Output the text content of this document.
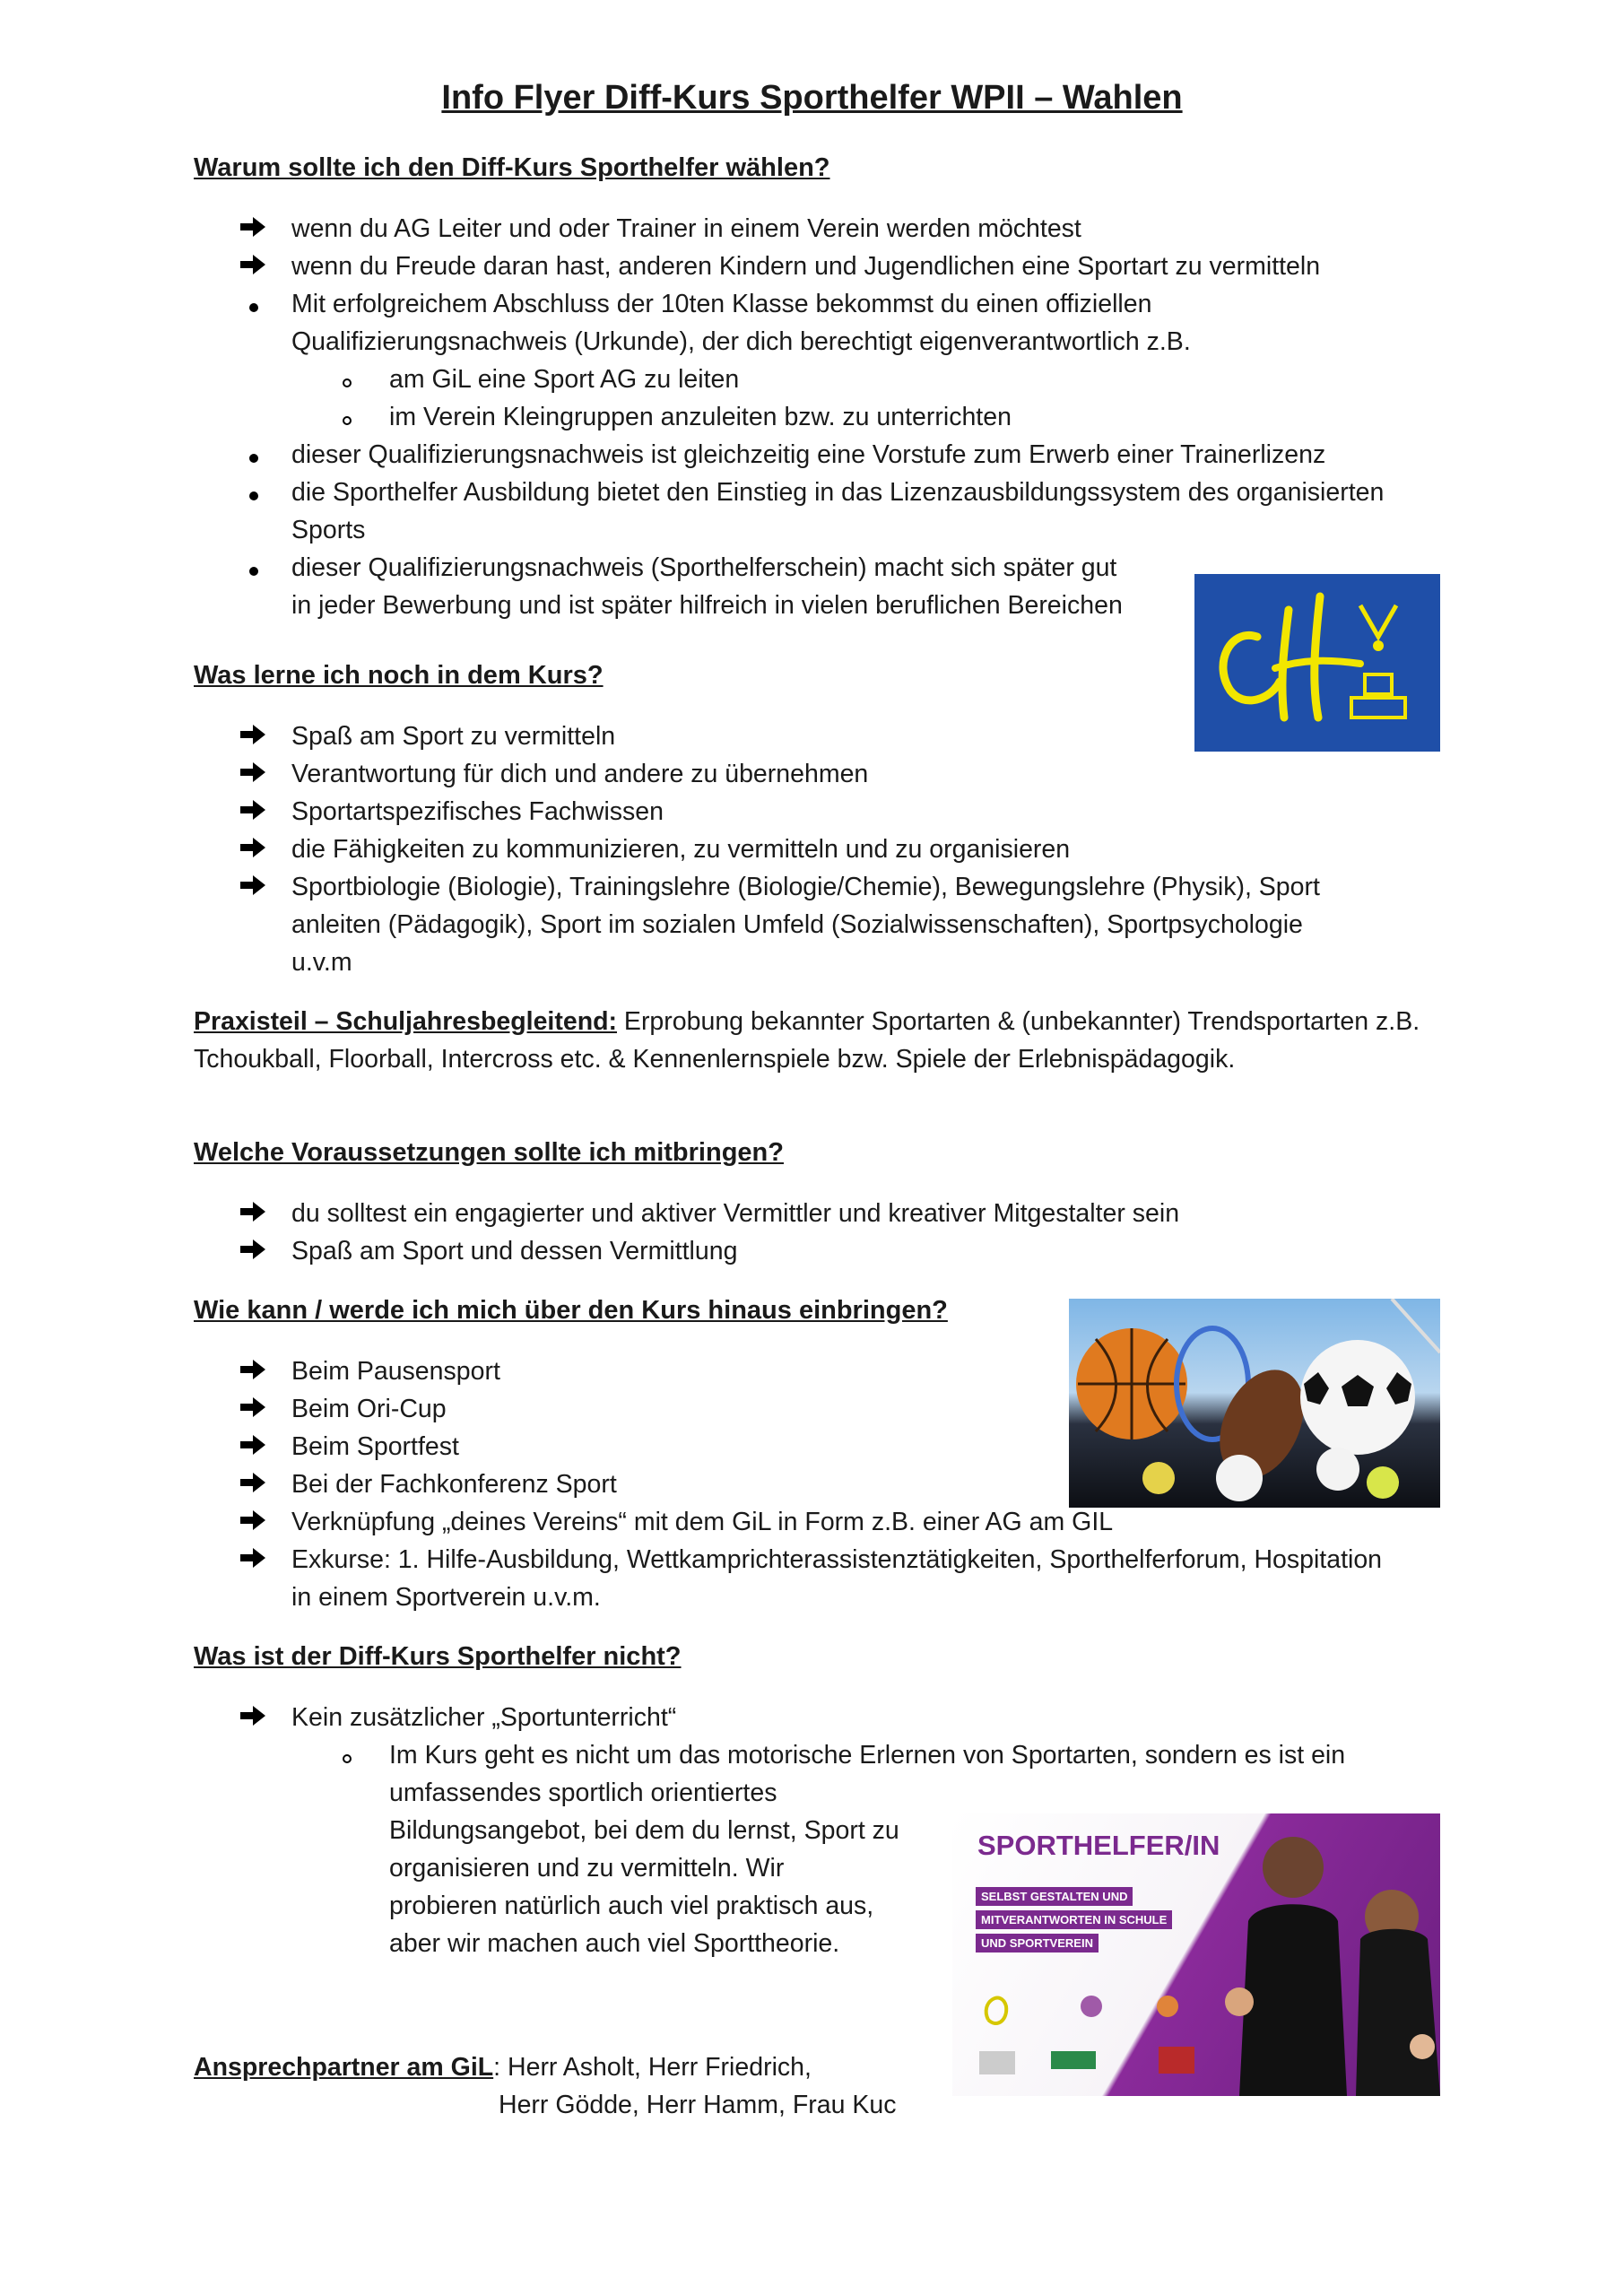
Info Flyer Diff-Kurs Sporthelfer WPII – Wahlen
Warum sollte ich den Diff-Kurs Sporthelfer wählen?
wenn du AG Leiter und oder Trainer in einem Verein werden möchtest
wenn du Freude daran hast, anderen Kindern und Jugendlichen eine Sportart zu vermitteln
Mit erfolgreichem Abschluss der 10ten Klasse bekommst du einen offiziellen
Qualifizierungsnachweis (Urkunde), der dich berechtigt eigenverantwortlich z.B.
am GiL eine Sport AG zu leiten
im Verein Kleingruppen anzuleiten bzw. zu unterrichten
dieser Qualifizierungsnachweis ist gleichzeitig eine Vorstufe zum Erwerb einer Trainerlizenz
die Sporthelfer Ausbildung bietet den Einstieg in das Lizenzausbildungssystem des organisierten
Sports
dieser Qualifizierungsnachweis (Sporthelferschein) macht sich später gut
in jeder Bewerbung und ist später hilfreich in vielen beruflichen Bereichen
Was lerne ich noch in dem Kurs?
Spaß am Sport zu vermitteln
Verantwortung für dich und andere zu übernehmen
Sportartspezifisches Fachwissen
die Fähigkeiten zu kommunizieren, zu vermitteln und zu organisieren
Sportbiologie (Biologie), Trainingslehre (Biologie/Chemie), Bewegungslehre (Physik), Sport
anleiten (Pädagogik), Sport im sozialen Umfeld (Sozialwissenschaften), Sportpsychologie
u.v.m
Praxisteil – Schuljahresbegleitend: Erprobung bekannter Sportarten & (unbekannter) Trendsportarten z.B.
Tchoukball, Floorball, Intercross etc. & Kennenlernspiele bzw. Spiele der Erlebnispädagogik.
Welche Voraussetzungen sollte ich mitbringen?
du solltest ein engagierter und aktiver Vermittler und kreativer Mitgestalter sein
Spaß am Sport und dessen Vermittlung
Wie kann / werde ich mich über den Kurs hinaus einbringen?
Beim Pausensport
Beim Ori-Cup
Beim Sportfest
Bei der Fachkonferenz Sport
Verknüpfung „deines Vereins“ mit dem GiL in Form z.B. einer AG am GIL
Exkurse: 1. Hilfe-Ausbildung, Wettkamprichterassistenztätigkeiten, Sporthelferforum, Hospitation
in einem Sportverein u.v.m.
Was ist der Diff-Kurs Sporthelfer nicht?
Kein zusätzlicher „Sportunterricht“
Im Kurs geht es nicht um das motorische Erlernen von Sportarten, sondern es ist ein
umfassendes sportlich orientiertes
Bildungsangebot, bei dem du lernst, Sport zu
organisieren und zu vermitteln. Wir
probieren natürlich auch viel praktisch aus,
aber wir machen auch viel Sporttheorie.
SPORTHELFER/IN
SELBST GESTALTEN UND
MITVERANTWORTEN IN SCHULE
UND SPORTVEREIN
Ansprechpartner am GiL: Herr Asholt, Herr Friedrich,
Herr Gödde, Herr Hamm, Frau Kuc
